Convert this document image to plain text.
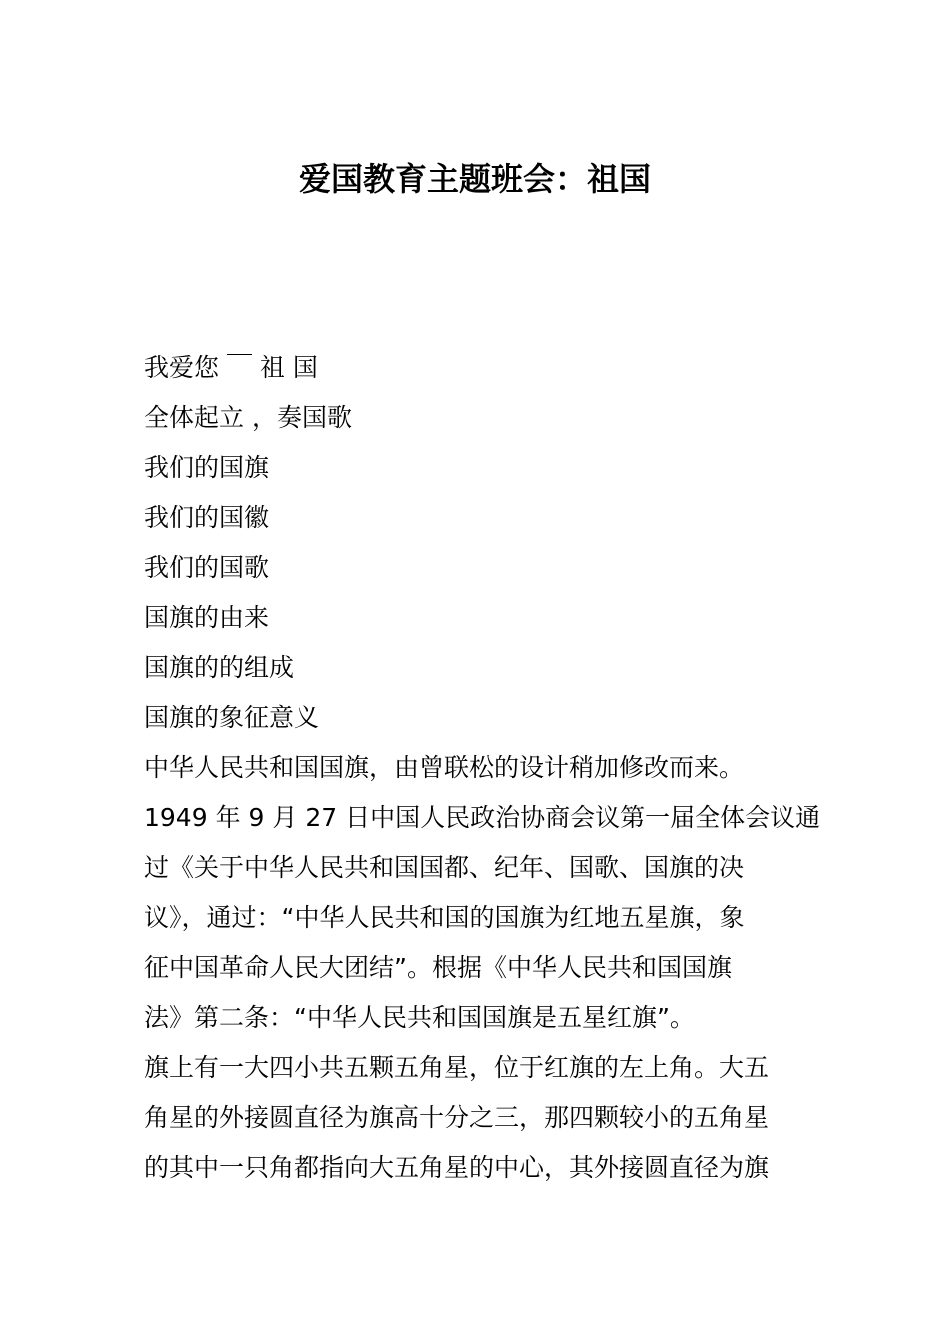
爱国教育主题班会：祖国
我爱您 ￣ 祖 国
全体起立 ，奏国歌
我们的国旗
我们的国徽
我们的国歌
国旗的由来
国旗的的组成
国旗的象征意义
中华人民共和国国旗，由曾联松的设计稍加修改而来。
1949 年 9 月 27 日中国人民政治协商会议第一届全体会议通
过《关于中华人民共和国国都、纪年、国歌、国旗的决
议》，通过：“中华人民共和国的国旗为红地五星旗，象
征中国革命人民大团结”。根据《中华人民共和国国旗
法》第二条：“中华人民共和国国旗是五星红旗”。
旗上有一大四小共五颗五角星，位于红旗的左上角。大五
角星的外接圆直径为旗高十分之三，那四颗较小的五角星
的其中一只角都指向大五角星的中心，其外接圆直径为旗
